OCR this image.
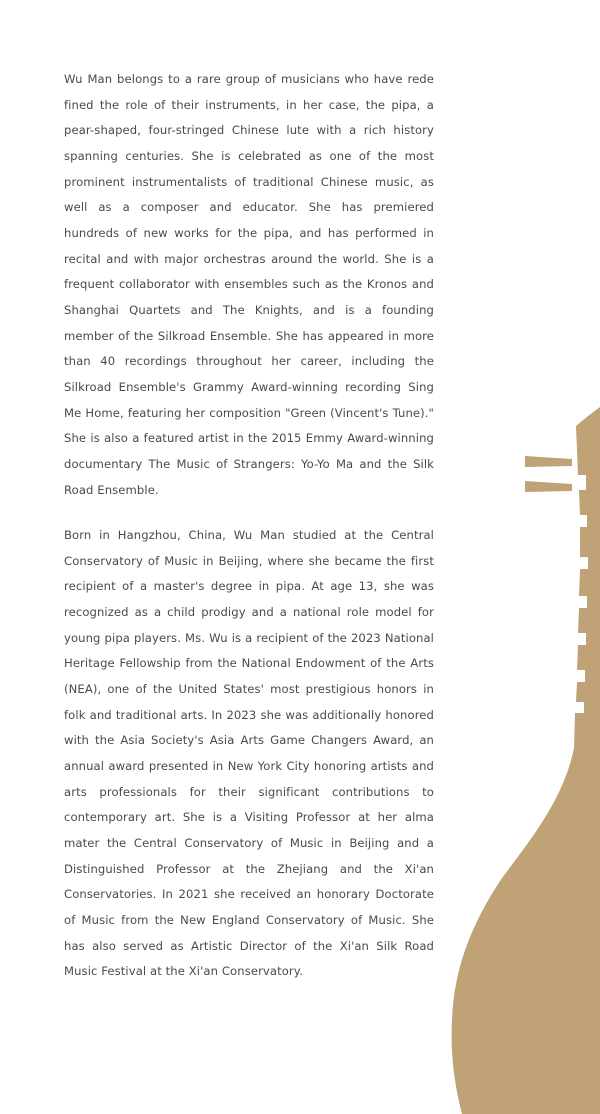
Wu Man belongs to a rare group of musicians who have rede fined the role of their instruments, in her case, the pipa, a pear-shaped, four-stringed Chinese lute with a rich history spanning centuries. She is celebrated as one of the most prominent instrumentalists of traditional Chinese music, as well as a composer and educator. She has premiered hundreds of new works for the pipa, and has performed in recital and with major orchestras around the world. She is a frequent collaborator with ensembles such as the Kronos and Shanghai Quartets and The Knights, and is a founding member of the Silkroad Ensemble. She has appeared in more than 40 recordings throughout her career, including the Silkroad Ensemble's Grammy Award-winning recording Sing Me Home, featuring her composition "Green (Vincent's Tune)." She is also a featured artist in the 2015 Emmy Award-winning documentary The Music of Strangers: Yo-Yo Ma and the Silk Road Ensemble.

Born in Hangzhou, China, Wu Man studied at the Central Conservatory of Music in Beijing, where she became the first recipient of a master's degree in pipa. At age 13, she was recognized as a child prodigy and a national role model for young pipa players. Ms. Wu is a recipient of the 2023 National Heritage Fellowship from the National Endowment of the Arts (NEA), one of the United States' most prestigious honors in folk and traditional arts. In 2023 she was additionally honored with the Asia Society's Asia Arts Game Changers Award, an annual award presented in New York City honoring artists and arts professionals for their significant contributions to contemporary art. She is a Visiting Professor at her alma mater the Central Conservatory of Music in Beijing and a Distinguished Professor at the Zhejiang and the Xi'an Conservatories. In 2021 she received an honorary Doctorate of Music from the New England Conservatory of Music. She has also served as Artistic Director of the Xi'an Silk Road Music Festival at the Xi'an Conservatory.
